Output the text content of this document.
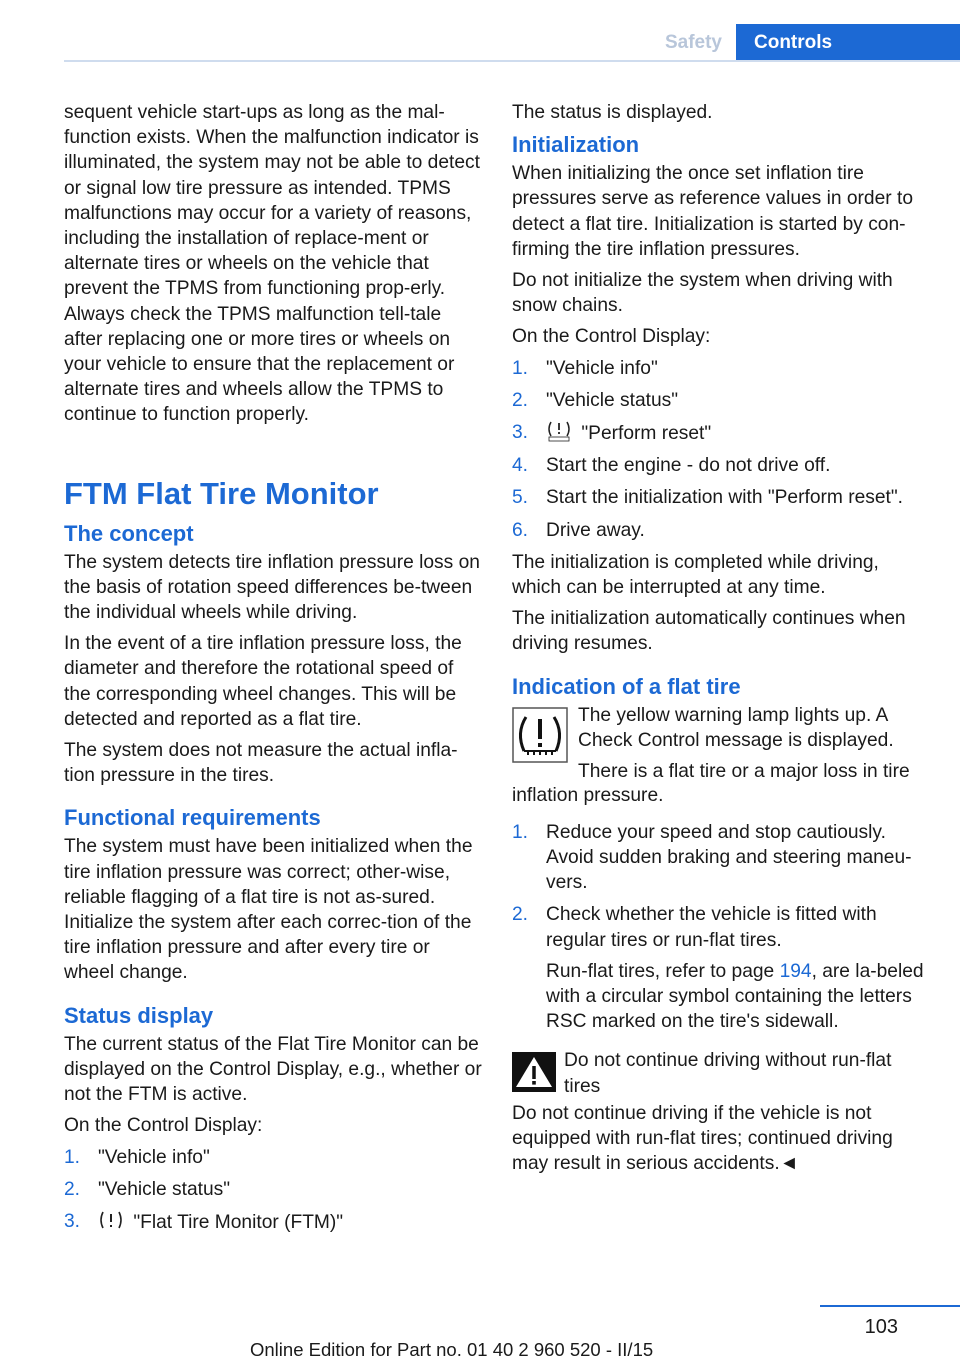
Safety	Controls

sequent vehicle start-ups as long as the mal-function exists. When the malfunction indicator is illuminated, the system may not be able to detect or signal low tire pressure as intended. TPMS malfunctions may occur for a variety of reasons, including the installation of replace-ment or alternate tires or wheels on the vehicle that prevent the TPMS from functioning prop-erly. Always check the TPMS malfunction tell-tale after replacing one or more tires or wheels on your vehicle to ensure that the replacement or alternate tires and wheels allow the TPMS to continue to function properly.

FTM Flat Tire Monitor
The concept

The system detects tire inflation pressure loss on the basis of rotation speed differences be-tween the individual wheels while driving.

In the event of a tire inflation pressure loss, the diameter and therefore the rotational speed of the corresponding wheel changes. This will be detected and reported as a flat tire.

The system does not measure the actual infla-tion pressure in the tires.

Functional requirements

The system must have been initialized when the tire inflation pressure was correct; other-wise, reliable flagging of a flat tire is not as-sured. Initialize the system after each correc-tion of the tire inflation pressure and after every tire or wheel change.

Status display

The current status of the Flat Tire Monitor can be displayed on the Control Display, e.g., whether or not the FTM is active.

On the Control Display:

1. "Vehicle info"
2. "Vehicle status"
3. "Flat Tire Monitor (FTM)"

The status is displayed.

Initialization

When initializing the once set inflation tire pressures serve as reference values in order to detect a flat tire. Initialization is started by con-firming the tire inflation pressures.

Do not initialize the system when driving with snow chains.

On the Control Display:

1. "Vehicle info"
2. "Vehicle status"
3. "Perform reset"
4. Start the engine - do not drive off.
5. Start the initialization with "Perform reset".
6. Drive away.

The initialization is completed while driving, which can be interrupted at any time.

The initialization automatically continues when driving resumes.

Indication of a flat tire

The yellow warning lamp lights up. A Check Control message is displayed.

There is a flat tire or a major loss in tire

inflation pressure.

1. Reduce your speed and stop cautiously. Avoid sudden braking and steering maneu-vers.
2. Check whether the vehicle is fitted with regular tires or run-flat tires.

Run-flat tires, refer to page 194, are la-beled with a circular symbol containing the letters RSC marked on the tire's sidewall.

Do not continue driving without run-flat tires

Do not continue driving if the vehicle is not equipped with run-flat tires; continued driving may result in serious accidents.◄

103
Online Edition for Part no. 01 40 2 960 520 - II/15
